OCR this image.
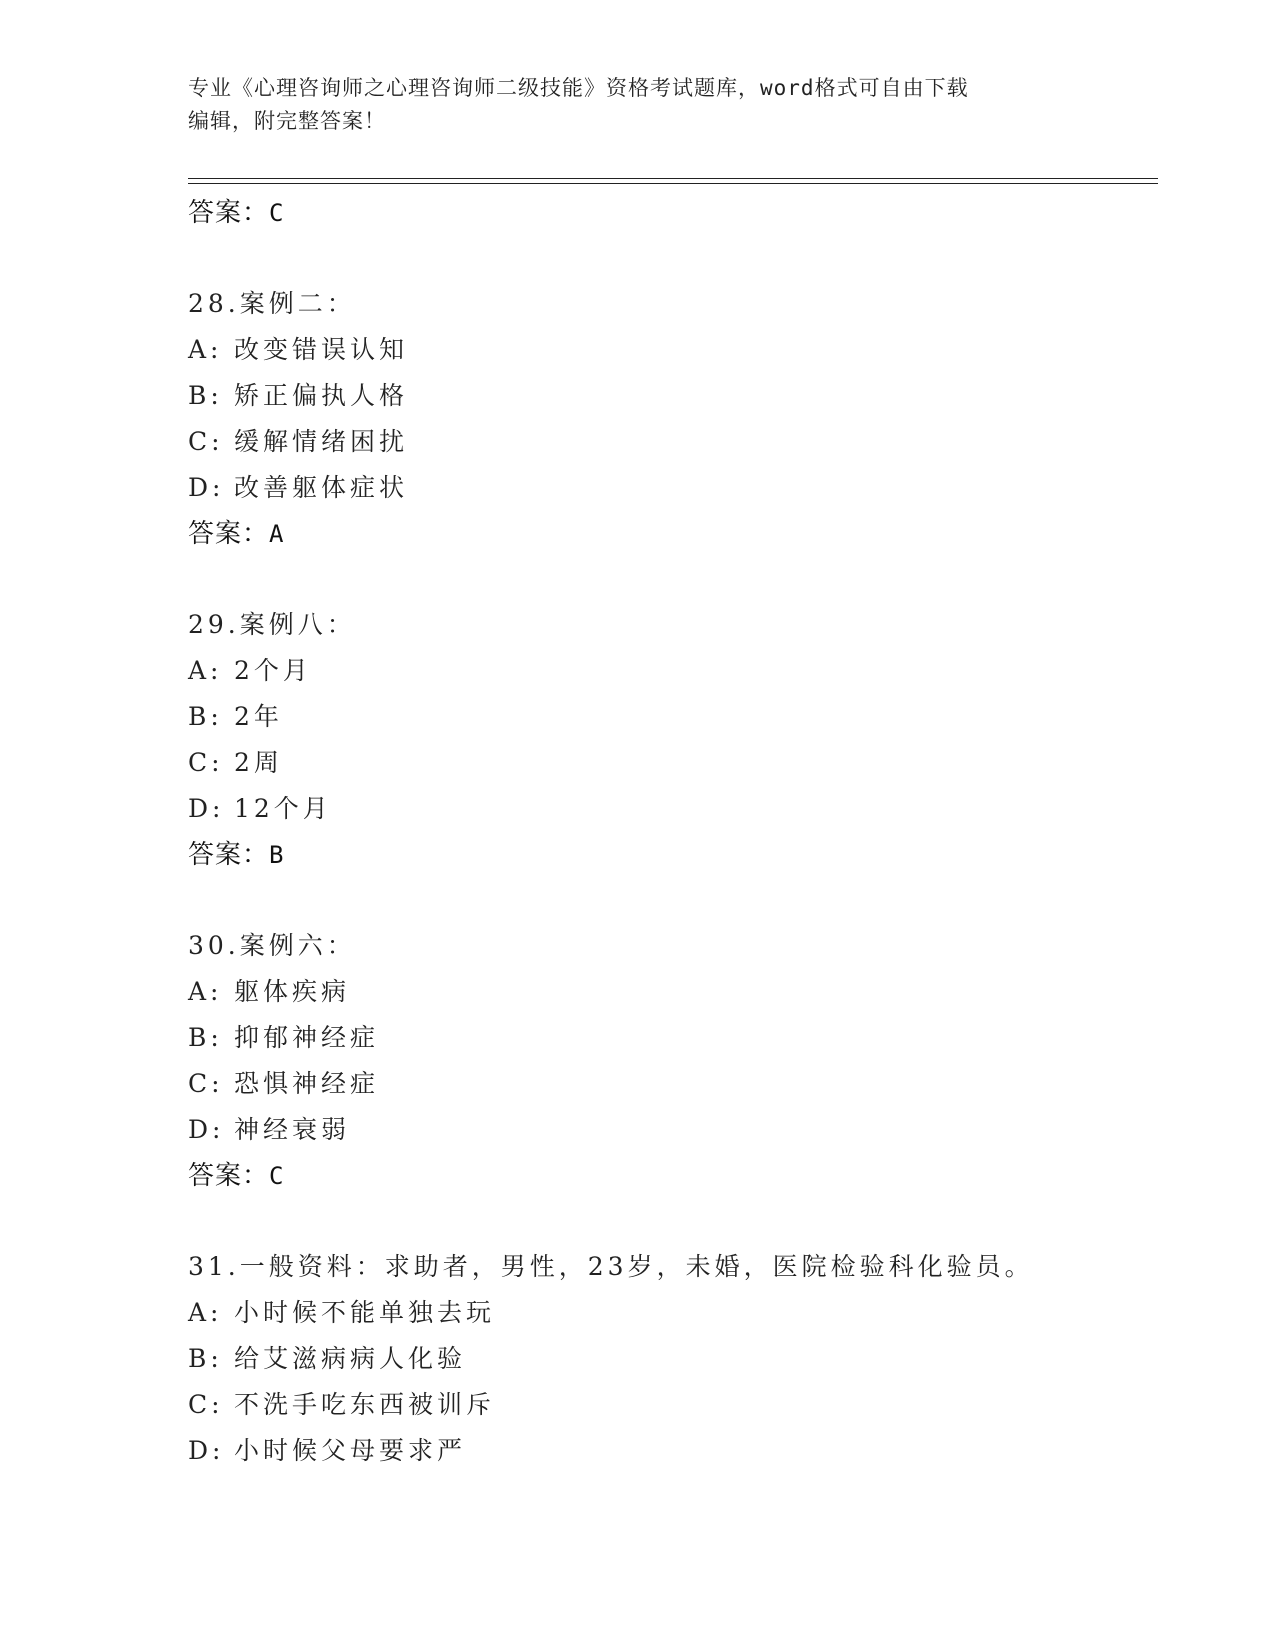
专业《心理咨询师之心理咨询师二级技能》资格考试题库，word格式可自由下载
编辑，附完整答案！
答案：C
28.案例二：
A: 改变错误认知
B: 矫正偏执人格
C: 缓解情绪困扰
D: 改善躯体症状
答案：A
29.案例八：
A: 2个月
B: 2年
C: 2周
D: 12个月
答案：B
30.案例六：
A: 躯体疾病
B: 抑郁神经症
C: 恐惧神经症
D: 神经衰弱
答案：C
31.一般资料：求助者，男性，23岁，未婚，医院检验科化验员。
A: 小时候不能单独去玩
B: 给艾滋病病人化验
C: 不洗手吃东西被训斥
D: 小时候父母要求严
